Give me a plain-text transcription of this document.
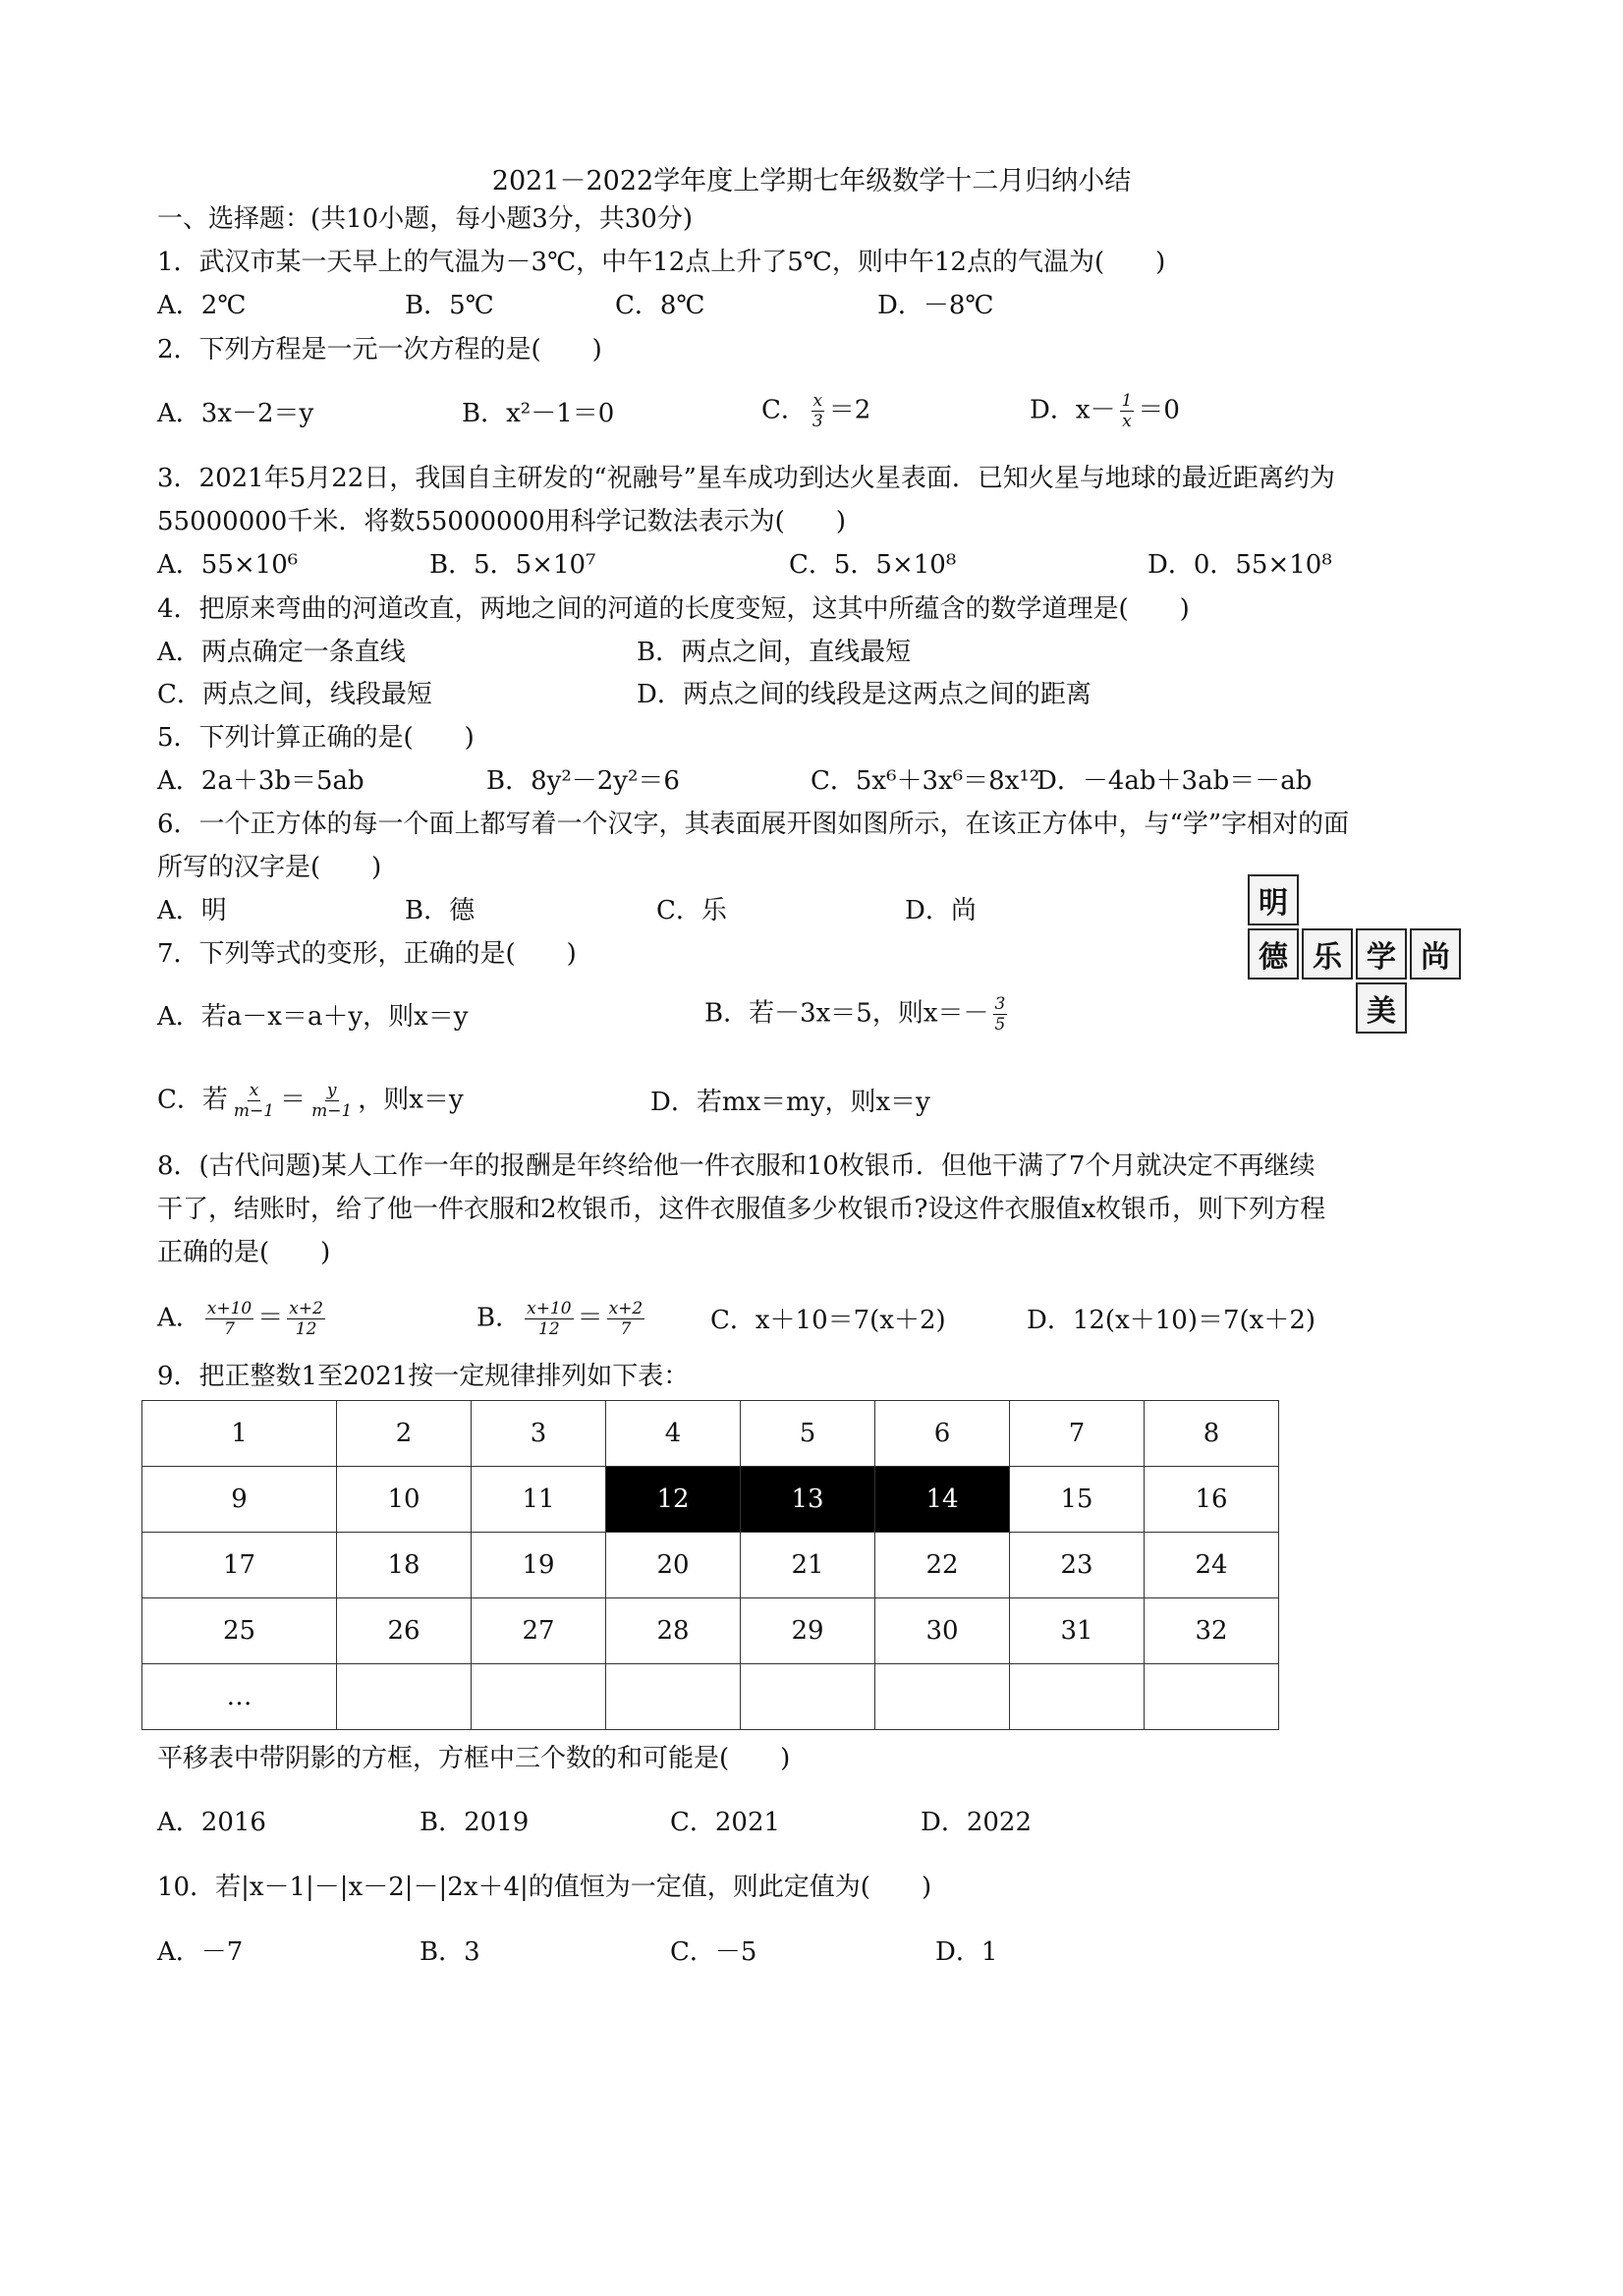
2021－2022学年度上学期七年级数学十二月归纳小结
一、选择题：(共10小题，每小题3分，共30分)
1．武汉市某一天早上的气温为－3℃，中午12点上升了5℃，则中午12点的气温为(　　)
A．2℃	B．5℃	C．8℃	D．－8℃
2．下列方程是一元一次方程的是(　　)
A．3x－2＝y	B．x²－1＝0	C． $\frac{x}{3} =2$	D．$x- \frac{1}{x} =0$
3．2021年5月22日，我国自主研发的“祝融号”星车成功到达火星表面．已知火星与地球的最近距离约为
55000000千米．将数55000000用科学记数法表示为(　　)
A．55×10⁶	B．5．5×10⁷	C．5．5×10⁸	D．0．55×10⁸
4．把原来弯曲的河道改直，两地之间的河道的长度变短，这其中所蕴含的数学道理是(　　)
A．两点确定一条直线	B．两点之间，直线最短
C．两点之间，线段最短	D．两点之间的线段是这两点之间的距离
5．下列计算正确的是(　　)
A．2a＋3b＝5ab	B．8y²－2y²＝6	C．5x⁶＋3x⁶＝8x¹²
D．－4ab＋3ab＝－ab
6．一个正方体的每一个面上都写着一个汉字，其表面展开图如图所示，在该正方体中，与“学”字相对的面
所写的汉字是(　　)
A．明	B．德	C．乐	D．尚	明
德 乐 学 尚
美
7．下列等式的变形，正确的是(　　)
A．若a－x＝a＋y，则x＝y	B．若－3x＝5，则$x=- \frac{3}{5}$
C．若 $\frac{x}{m-1} = \frac{y}{m-1}$ ，则x＝y	D．若mx＝my，则x＝y
8．(古代问题)某人工作一年的报酬是年终给他一件衣服和10枚银币．但他干满了7个月就决定不再继续
干了，结账时，给了他一件衣服和2枚银币，这件衣服值多少枚银币?设这件衣服值x枚银币，则下列方程
正确的是(　　)
A． $\frac{x+10}{7} = \frac{x+2}{12}$	B． $\frac{x+10}{12} = \frac{x+2}{7}$	C．x＋10＝7(x＋2)	D．12(x＋10)＝7(x＋2)
9．把正整数1至2021按一定规律排列如下表：
1	2	3	4	5	6	7	8
9	10	11	12	13	14	15	16
17	18	19	20	21	22	23	24
25	26	27	28	29	30	31	32
…							
平移表中带阴影的方框，方框中三个数的和可能是(　　)
A．2016	B．2019	C．2021	D．2022
10．若|x－1|－|x－2|－|2x＋4|的值恒为一定值，则此定值为(　　)
A．－7	B．3	C．－5	D．1
